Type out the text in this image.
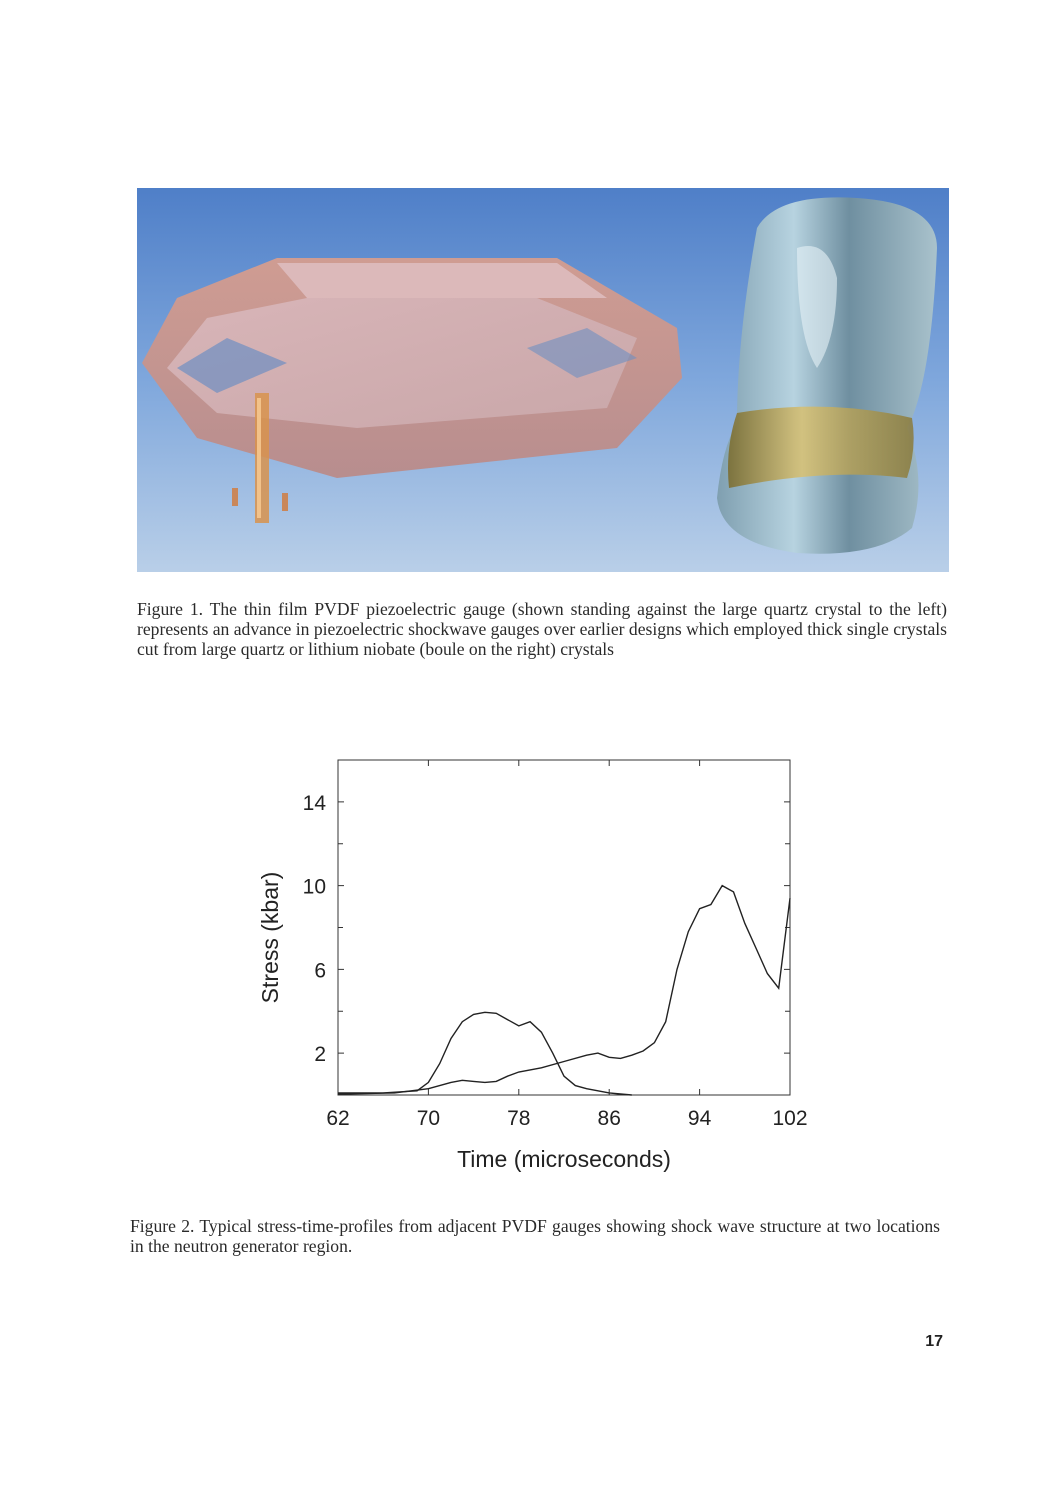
Figure 1. The thin film PVDF piezoelectric gauge (shown standing against the large quartz crystal to the left) represents an advance in piezoelectric shockwave gauges over earlier designs which employed thick single crystals cut from large quartz or lithium niobate (boule on the right) crystals
62	70	78	86	94	102
2
6
10
14
Time (microseconds)
Stress (kbar)
Figure 2. Typical stress-time-profiles from adjacent PVDF gauges showing shock wave structure at two locations in the neutron generator region.
17
